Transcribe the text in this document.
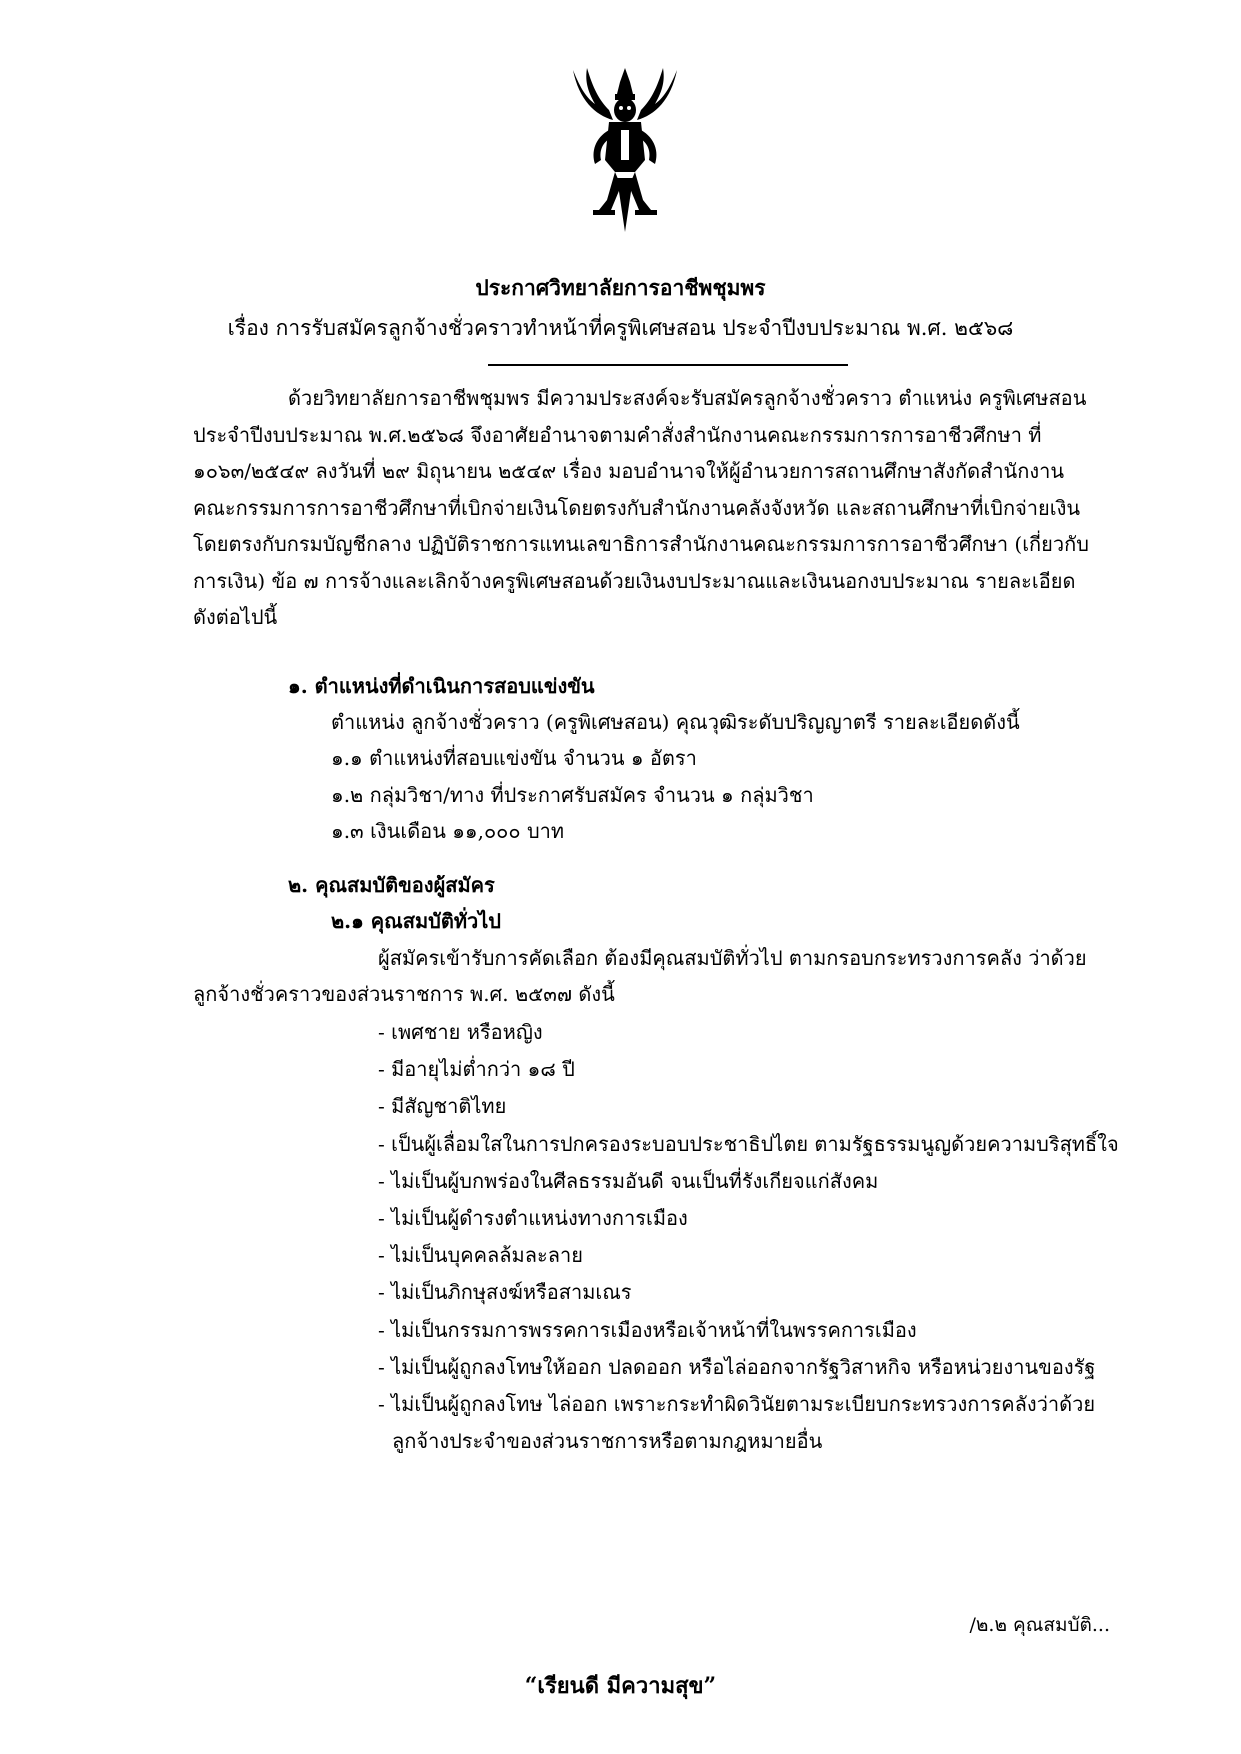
ประกาศวิทยาลัยการอาชีพชุมพร
เรื่อง การรับสมัครลูกจ้างชั่วคราวทำหน้าที่ครูพิเศษสอน ประจำปีงบประมาณ พ.ศ. ๒๕๖๘
ด้วยวิทยาลัยการอาชีพชุมพร มีความประสงค์จะรับสมัครลูกจ้างชั่วคราว ตำแหน่ง ครูพิเศษสอน
ประจำปีงบประมาณ พ.ศ.๒๕๖๘ จึงอาศัยอำนาจตามคำสั่งสำนักงานคณะกรรมการการอาชีวศึกษา ที่
๑๐๖๓/๒๕๔๙ ลงวันที่ ๒๙ มิถุนายน ๒๕๔๙ เรื่อง มอบอำนาจให้ผู้อำนวยการสถานศึกษาสังกัดสำนักงาน
คณะกรรมการการอาชีวศึกษาที่เบิกจ่ายเงินโดยตรงกับสำนักงานคลังจังหวัด และสถานศึกษาที่เบิกจ่ายเงิน
โดยตรงกับกรมบัญชีกลาง ปฏิบัติราชการแทนเลขาธิการสำนักงานคณะกรรมการการอาชีวศึกษา (เกี่ยวกับ
การเงิน) ข้อ ๗ การจ้างและเลิกจ้างครูพิเศษสอนด้วยเงินงบประมาณและเงินนอกงบประมาณ รายละเอียด
ดังต่อไปนี้
๑. ตำแหน่งที่ดำเนินการสอบแข่งขัน
ตำแหน่ง ลูกจ้างชั่วคราว (ครูพิเศษสอน) คุณวุฒิระดับปริญญาตรี รายละเอียดดังนี้
๑.๑ ตำแหน่งที่สอบแข่งขัน จำนวน ๑ อัตรา
๑.๒ กลุ่มวิชา/ทาง ที่ประกาศรับสมัคร จำนวน ๑ กลุ่มวิชา
๑.๓ เงินเดือน ๑๑,๐๐๐ บาท
๒. คุณสมบัติของผู้สมัคร
๒.๑ คุณสมบัติทั่วไป
ผู้สมัครเข้ารับการคัดเลือก ต้องมีคุณสมบัติทั่วไป ตามกรอบกระทรวงการคลัง ว่าด้วย
ลูกจ้างชั่วคราวของส่วนราชการ พ.ศ. ๒๕๓๗ ดังนี้
- เพศชาย หรือหญิง
- มีอายุไม่ต่ำกว่า ๑๘ ปี
- มีสัญชาติไทย
- เป็นผู้เลื่อมใสในการปกครองระบอบประชาธิปไตย ตามรัฐธรรมนูญด้วยความบริสุทธิ์ใจ
- ไม่เป็นผู้บกพร่องในศีลธรรมอันดี จนเป็นที่รังเกียจแก่สังคม
- ไม่เป็นผู้ดำรงตำแหน่งทางการเมือง
- ไม่เป็นบุคคลล้มละลาย
- ไม่เป็นภิกษุสงฆ์หรือสามเณร
- ไม่เป็นกรรมการพรรคการเมืองหรือเจ้าหน้าที่ในพรรคการเมือง
- ไม่เป็นผู้ถูกลงโทษให้ออก ปลดออก หรือไล่ออกจากรัฐวิสาหกิจ หรือหน่วยงานของรัฐ
- ไม่เป็นผู้ถูกลงโทษ ไล่ออก เพราะกระทำผิดวินัยตามระเบียบกระทรวงการคลังว่าด้วย
ลูกจ้างประจำของส่วนราชการหรือตามกฎหมายอื่น
/๒.๒ คุณสมบัติ...
“เรียนดี มีความสุข”
